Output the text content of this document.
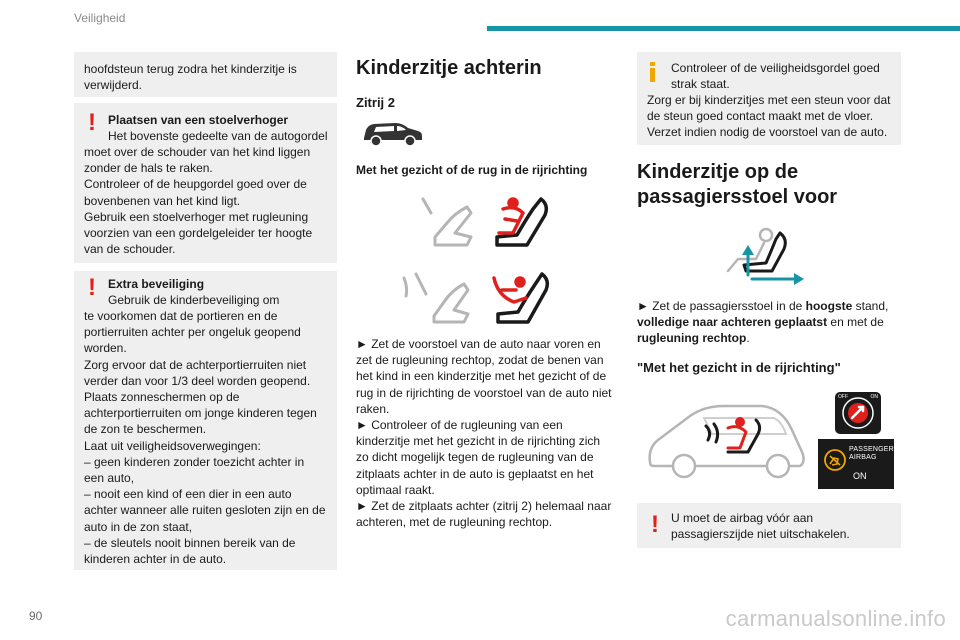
Veiligheid

hoofdsteun terug zodra het kinderzitje is

verwijderd.

! Plaatsen van een stoelverhoger

Het bovenste gedeelte van de autogordel

moet over de schouder van het kind liggen

zonder de hals te raken.

Controleer of de heupgordel goed over de

bovenbenen van het kind ligt.

Gebruik een stoelverhoger met rugleuning

voorzien van een gordelgeleider ter hoogte

van de schouder.

! Extra beveiliging

Gebruik de kinderbeveiliging om

te voorkomen dat de portieren en de

portierruiten achter per ongeluk geopend

worden.

Zorg ervoor dat de achterportierruiten niet

verder dan voor 1/3 deel worden geopend.

Plaats zonneschermen op de

achterportierruiten om jonge kinderen tegen

de zon te beschermen.

Laat uit veiligheidsoverwegingen:

– geen kinderen zonder toezicht achter in

een auto,

– nooit een kind of een dier in een auto

achter wanneer alle ruiten gesloten zijn en de

auto in de zon staat,

– de sleutels nooit binnen bereik van de

kinderen achter in de auto.

Kinderzitje achterin
Zitrij 2
Met het gezicht of de rug in de rijrichting

► Zet de voorstoel van de auto naar voren en

zet de rugleuning rechtop, zodat de benen van

het kind in een kinderzitje met het gezicht of de

rug in de rijrichting de voorstoel van de auto niet

raken.

► Controleer of de rugleuning van een

kinderzitje met het gezicht in de rijrichting zich

zo dicht mogelijk tegen de rugleuning van de

zitplaats achter in de auto is geplaatst en het

optimaal raakt.

► Zet de zitplaats achter (zitrij 2) helemaal naar

achteren, met de rugleuning rechtop.

Controleer of de veiligheidsgordel goed

strak staat.

Zorg er bij kinderzitjes met een steun voor dat

de steun goed contact maakt met de vloer.

Verzet indien nodig de voorstoel van de auto.

Kinderzitje op de
passagiersstoel voor

► Zet de passagiersstoel in de hoogste stand,

volledige naar achteren geplaatst en met de

rugleuning rechtop.

"Met het gezicht in de rijrichting"
OFF	ON
PASSENGER
AIRBAG
ON
! U moet de airbag vóór aan

passagierszijde niet uitschakelen.

90	carmanualsonline.info
